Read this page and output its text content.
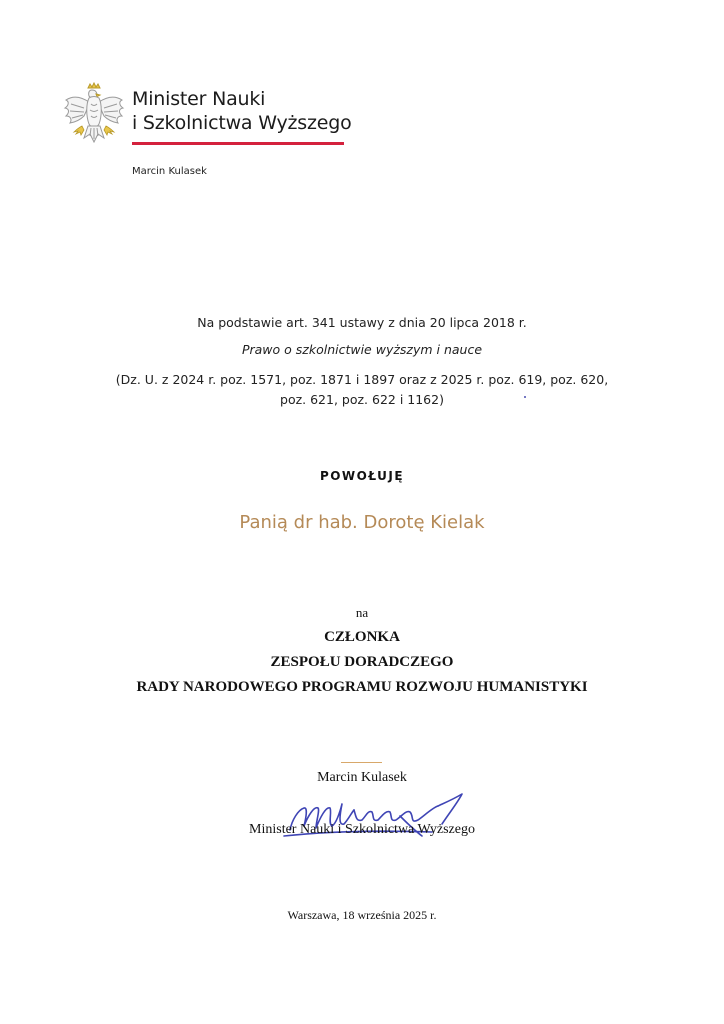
Minister Nauki
i Szkolnictwa Wyższego
Marcin Kulasek
Na podstawie art. 341 ustawy z dnia 20 lipca 2018 r.
Prawo o szkolnictwie wyższym i nauce
(Dz. U. z 2024 r. poz. 1571, poz. 1871 i 1897 oraz z 2025 r. poz. 619, poz. 620,
poz. 621, poz. 622 i 1162)
POWOŁUJĘ
Panią dr hab. Dorotę Kielak
na
CZŁONKA
ZESPOŁU DORADCZEGO
RADY NARODOWEGO PROGRAMU ROZWOJU HUMANISTYKI
Marcin Kulasek
Minister Nauki i Szkolnictwa Wyższego
Warszawa, 18 września 2025 r.
